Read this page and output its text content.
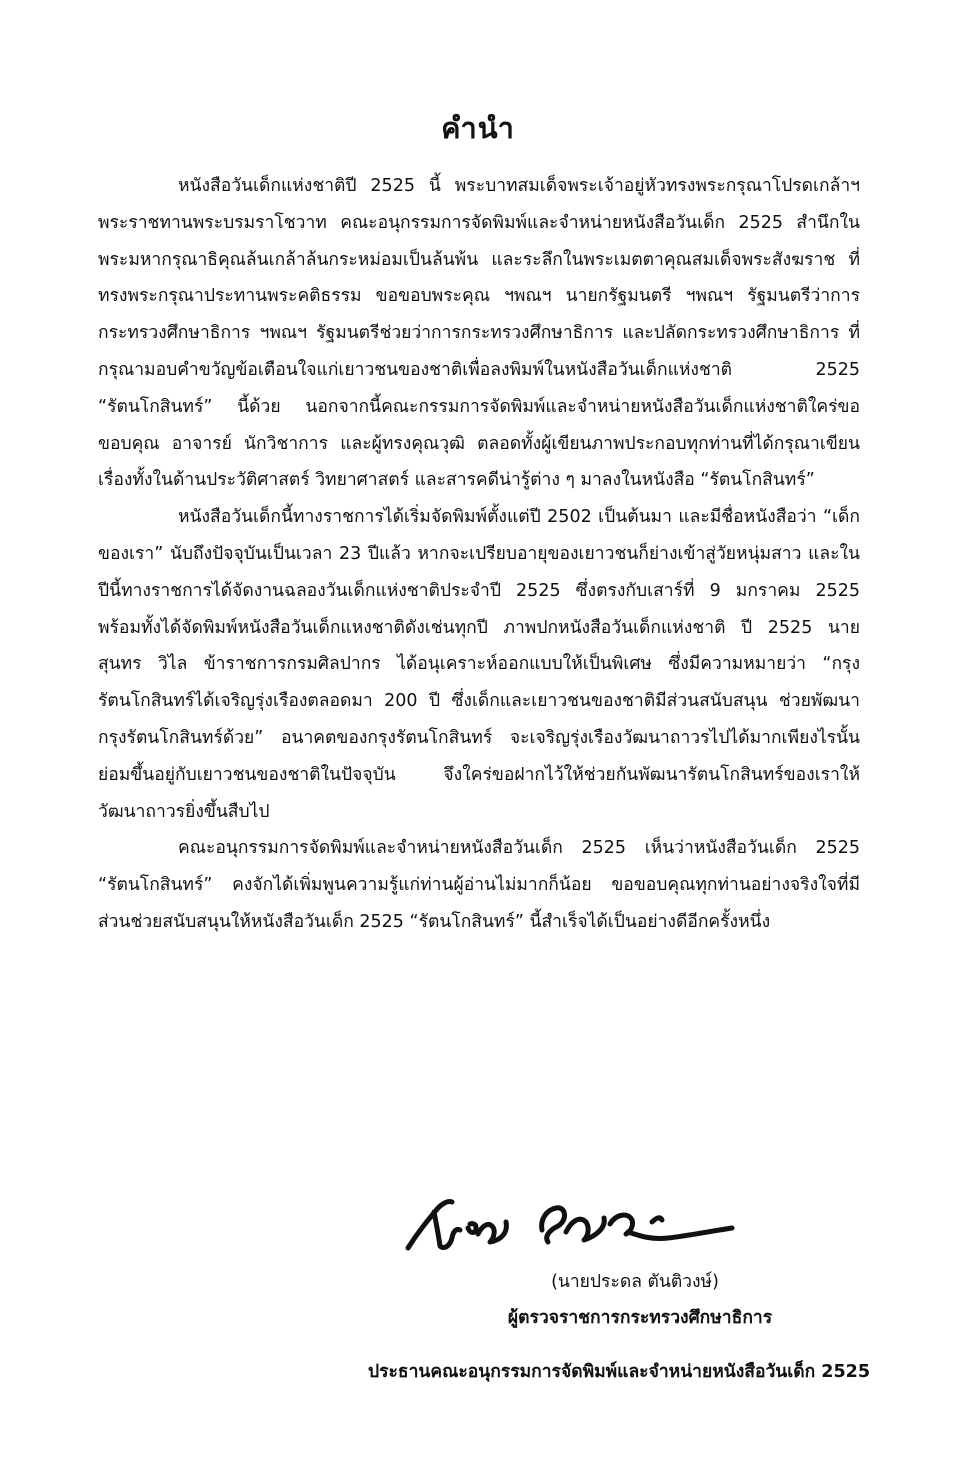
คำนำ

หนังสือวันเด็กแห่งชาติปี 2525 นี้ พระบาทสมเด็จพระเจ้าอยู่หัวทรงพระกรุณาโปรดเกล้าฯ พระราชทานพระบรมราโชวาท คณะอนุกรรมการจัดพิมพ์และจำหน่ายหนังสือวันเด็ก 2525 สำนึกในพระมหากรุณาธิคุณล้นเกล้าล้นกระหม่อมเป็นล้นพ้น และระลึกในพระเมตตาคุณสมเด็จพระสังฆราช ที่ทรงพระกรุณาประทานพระคติธรรม ขอขอบพระคุณ ฯพณฯ นายกรัฐมนตรี ฯพณฯ รัฐมนตรีว่าการกระทรวงศึกษาธิการ ฯพณฯ รัฐมนตรีช่วยว่าการกระทรวงศึกษาธิการ และปลัดกระทรวงศึกษาธิการ ที่กรุณามอบคำขวัญข้อเตือนใจแก่เยาวชนของชาติเพื่อลงพิมพ์ในหนังสือวันเด็กแห่งชาติ 2525 “รัตนโกสินทร์” นี้ด้วย นอกจากนี้คณะกรรมการจัดพิมพ์และจำหน่ายหนังสือวันเด็กแห่งชาติใคร่ขอขอบคุณ อาจารย์ นักวิชาการ และผู้ทรงคุณวุฒิ ตลอดทั้งผู้เขียนภาพประกอบทุกท่านที่ได้กรุณาเขียนเรื่องทั้งในด้านประวัติศาสตร์ วิทยาศาสตร์ และสารคดีน่ารู้ต่าง ๆ มาลงในหนังสือ “รัตนโกสินทร์”

หนังสือวันเด็กนี้ทางราชการได้เริ่มจัดพิมพ์ตั้งแต่ปี 2502 เป็นต้นมา และมีชื่อหนังสือว่า “เด็กของเรา” นับถึงปัจจุบันเป็นเวลา 23 ปีแล้ว หากจะเปรียบอายุของเยาวชนก็ย่างเข้าสู่วัยหนุ่มสาว และในปีนี้ทางราชการได้จัดงานฉลองวันเด็กแห่งชาติประจำปี 2525 ซึ่งตรงกับเสาร์ที่ 9 มกราคม 2525 พร้อมทั้งได้จัดพิมพ์หนังสือวันเด็กแหงชาติดังเช่นทุกปี ภาพปกหนังสือวันเด็กแห่งชาติ ปี 2525 นายสุนทร วิไล ข้าราชการกรมศิลปากร ได้อนุเคราะห์ออกแบบให้เป็นพิเศษ ซึ่งมีความหมายว่า “กรุงรัตนโกสินทร์ได้เจริญรุ่งเรืองตลอดมา 200 ปี ซึ่งเด็กและเยาวชนของชาติมีส่วนสนับสนุน ช่วยพัฒนากรุงรัตนโกสินทร์ด้วย” อนาคตของกรุงรัตนโกสินทร์ จะเจริญรุ่งเรืองวัฒนาถาวรไปได้มากเพียงไรนั้น ย่อมขึ้นอยู่กับเยาวชนของชาติในปัจจุบัน จึงใคร่ขอฝากไว้ให้ช่วยกันพัฒนารัตนโกสินทร์ของเราให้วัฒนาถาวรยิ่งขึ้นสืบไป

คณะอนุกรรมการจัดพิมพ์และจำหน่ายหนังสือวันเด็ก 2525 เห็นว่าหนังสือวันเด็ก 2525 “รัตนโกสินทร์” คงจักได้เพิ่มพูนความรู้แก่ท่านผู้อ่านไม่มากก็น้อย ขอขอบคุณทุกท่านอย่างจริงใจที่มีส่วนช่วยสนับสนุนให้หนังสือวันเด็ก 2525 “รัตนโกสินทร์” นี้สำเร็จได้เป็นอย่างดีอีกครั้งหนึ่ง

(นายประดล ตันติวงษ์)
ผู้ตรวจราชการกระทรวงศึกษาธิการ
ประธานคณะอนุกรรมการจัดพิมพ์และจำหน่ายหนังสือวันเด็ก 2525
